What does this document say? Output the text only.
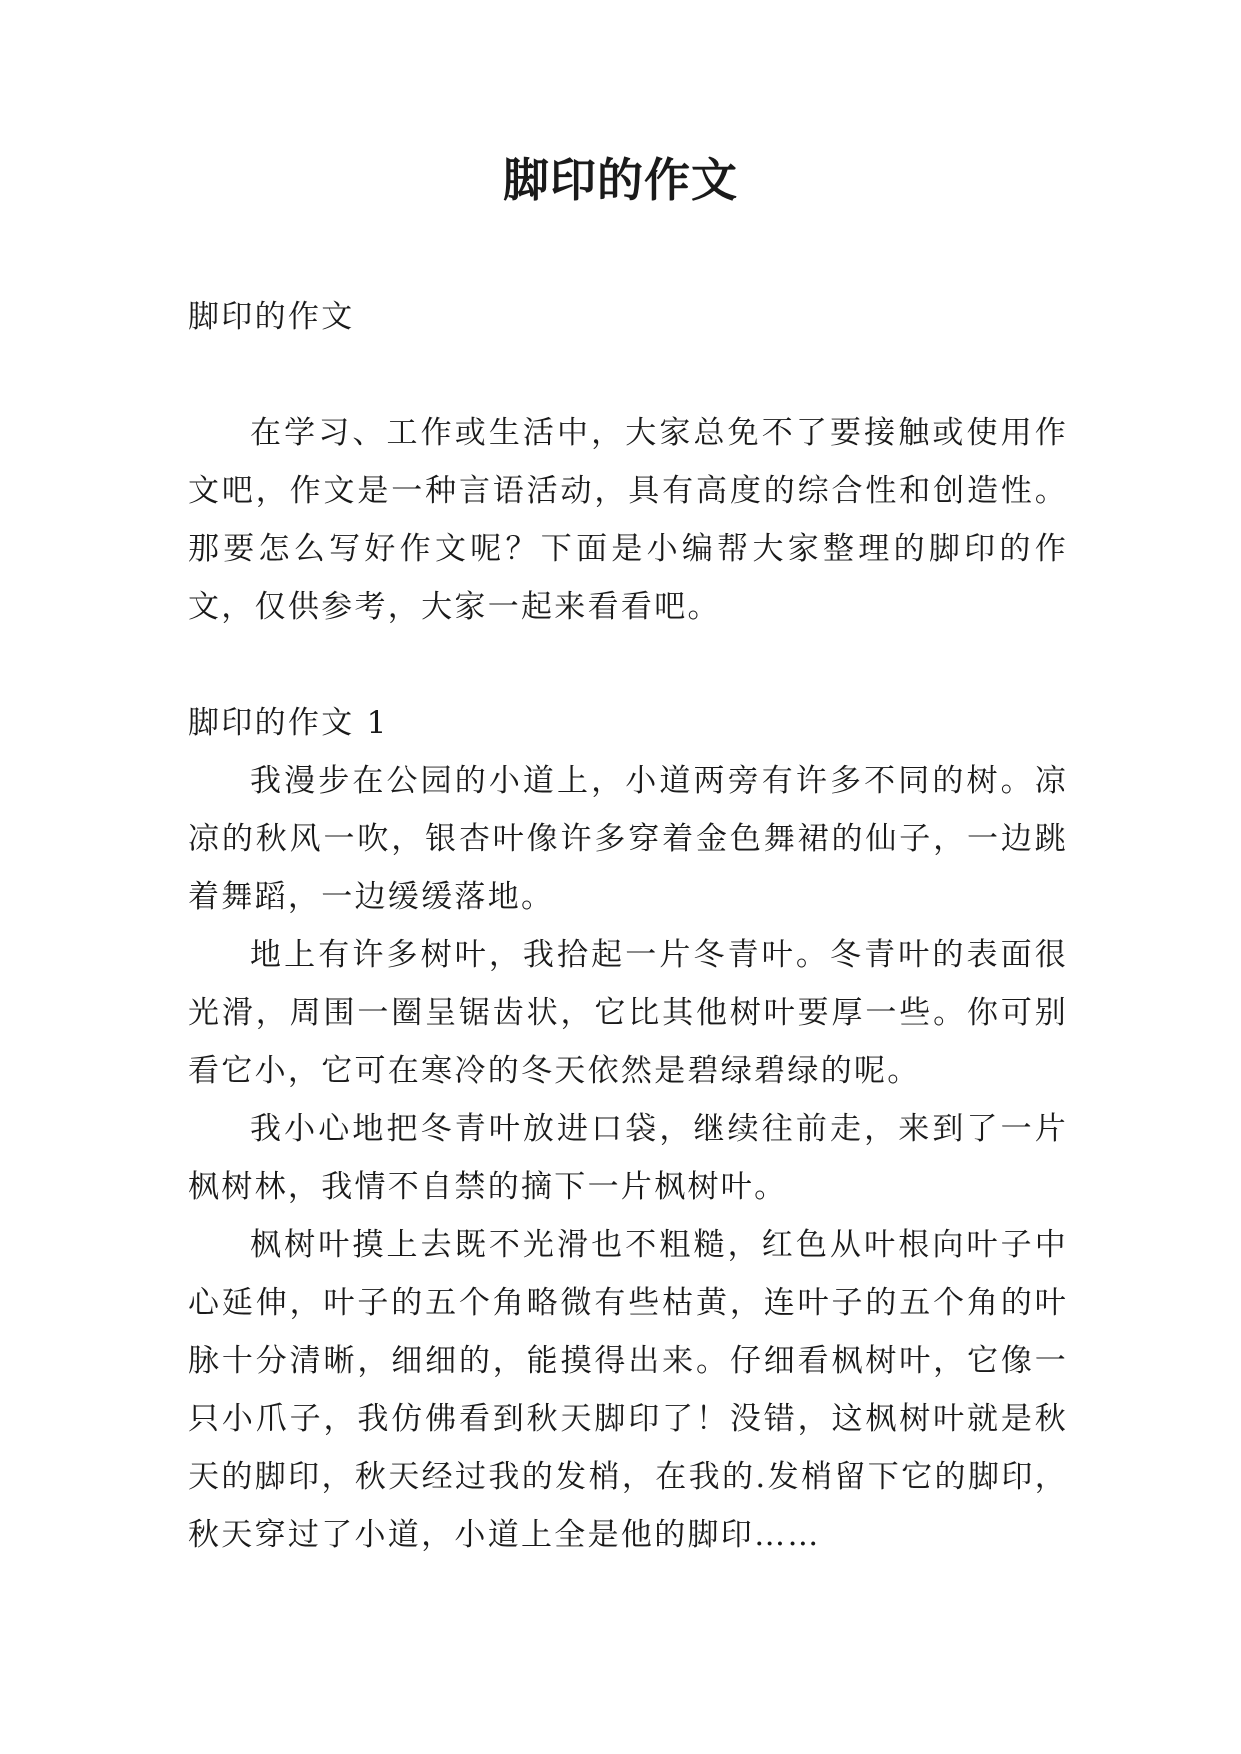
脚印的作文

脚印的作文

在学习、工作或生活中，大家总免不了要接触或使用作文吧，作文是一种言语活动，具有高度的综合性和创造性。那要怎么写好作文呢？下面是小编帮大家整理的脚印的作文，仅供参考，大家一起来看看吧。

脚印的作文 1

我漫步在公园的小道上，小道两旁有许多不同的树。凉凉的秋风一吹，银杏叶像许多穿着金色舞裙的仙子，一边跳着舞蹈，一边缓缓落地。

地上有许多树叶，我拾起一片冬青叶。冬青叶的表面很光滑，周围一圈呈锯齿状，它比其他树叶要厚一些。你可别看它小，它可在寒冷的冬天依然是碧绿碧绿的呢。

我小心地把冬青叶放进口袋，继续往前走，来到了一片枫树林，我情不自禁的摘下一片枫树叶。

枫树叶摸上去既不光滑也不粗糙，红色从叶根向叶子中心延伸，叶子的五个角略微有些枯黄，连叶子的五个角的叶脉十分清晰，细细的，能摸得出来。仔细看枫树叶，它像一只小爪子，我仿佛看到秋天脚印了！没错，这枫树叶就是秋天的脚印，秋天经过我的发梢，在我的.发梢留下它的脚印，秋天穿过了小道，小道上全是他的脚印……
